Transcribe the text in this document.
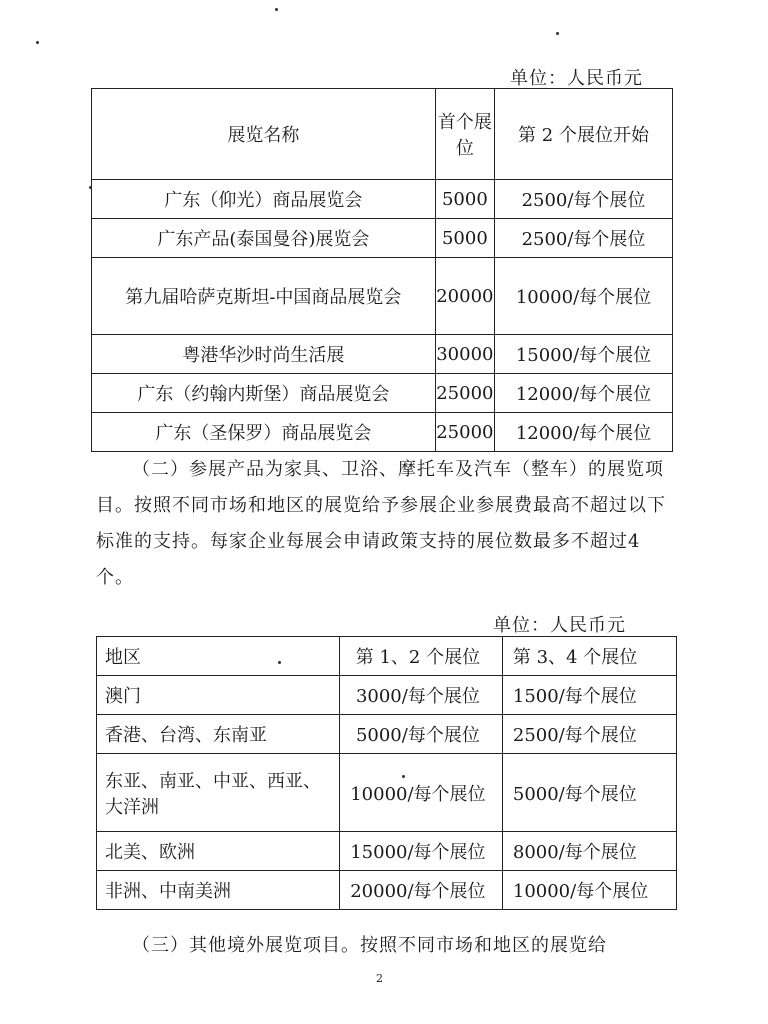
单位：人民币元
展览名称	首个展位	第 2 个展位开始
广东（仰光）商品展览会	5000	2500/每个展位
广东产品(泰国曼谷)展览会	5000	2500/每个展位
第九届哈萨克斯坦-中国商品展览会	20000	10000/每个展位
粤港华沙时尚生活展	30000	15000/每个展位
广东（约翰内斯堡）商品展览会	25000	12000/每个展位
广东（圣保罗）商品展览会	25000	12000/每个展位

（二）参展产品为家具、卫浴、摩托车及汽车（整车）的展览项目。按照不同市场和地区的展览给予参展企业参展费最高不超过以下标准的支持。每家企业每展会申请政策支持的展位数最多不超过4个。

单位：人民币元
地区	第 1、2 个展位	第 3、4 个展位
澳门	3000/每个展位	1500/每个展位
香港、台湾、东南亚	5000/每个展位	2500/每个展位
东亚、南亚、中亚、西亚、大洋洲	10000/每个展位	5000/每个展位
北美、欧洲	15000/每个展位	8000/每个展位
非洲、中南美洲	20000/每个展位	10000/每个展位

（三）其他境外展览项目。按照不同市场和地区的展览给

2
